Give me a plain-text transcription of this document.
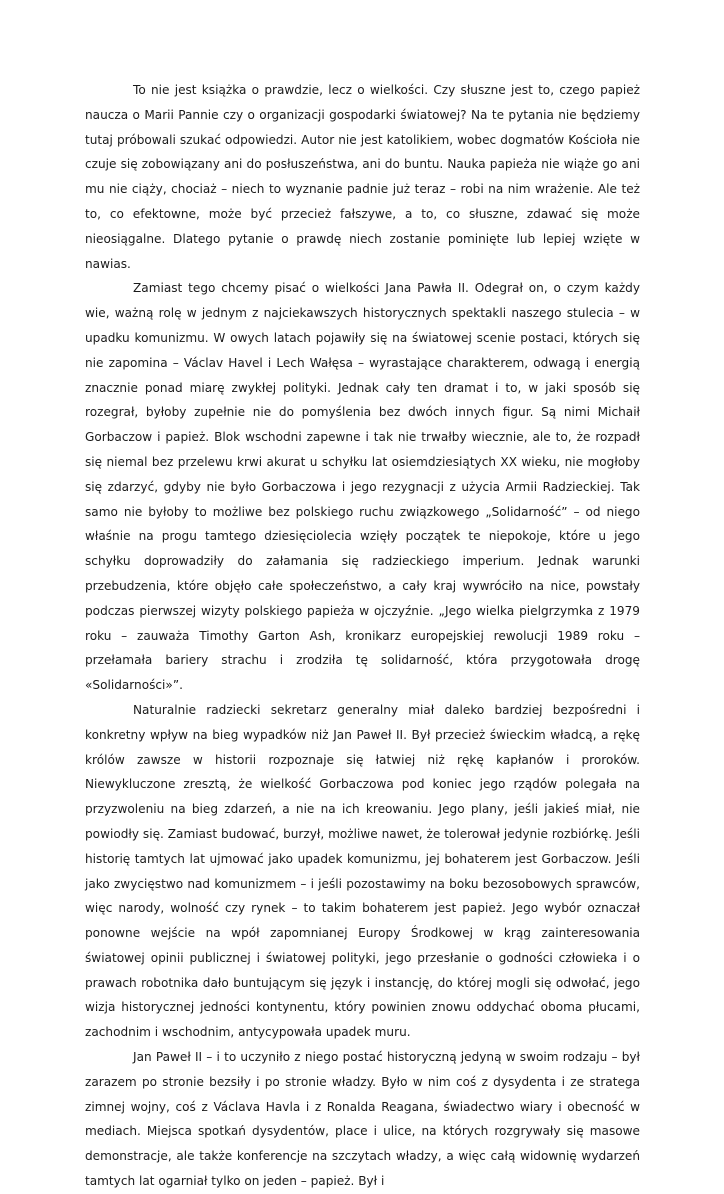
To nie jest książka o prawdzie, lecz o wielkości. Czy słuszne jest to, czego papież naucza o Marii Pannie czy o organizacji gospodarki światowej? Na te pytania nie będziemy tutaj próbowali szukać odpowiedzi. Autor nie jest katolikiem, wobec dogmatów Kościoła nie czuje się zobowiązany ani do posłuszeństwa, ani do buntu. Nauka papieża nie wiąże go ani mu nie ciąży, chociaż – niech to wyznanie padnie już teraz – robi na nim wrażenie. Ale też to, co efektowne, może być przecież fałszywe, a to, co słuszne, zdawać się może nieosiągalne. Dlatego pytanie o prawdę niech zostanie pominięte lub lepiej wzięte w nawias.

Zamiast tego chcemy pisać o wielkości Jana Pawła II. Odegrał on, o czym każdy wie, ważną rolę w jednym z najciekawszych historycznych spektakli naszego stulecia – w upadku komunizmu. W owych latach pojawiły się na światowej scenie postaci, których się nie zapomina – Václav Havel i Lech Wałęsa – wyrastające charakterem, odwagą i energią znacznie ponad miarę zwykłej polityki. Jednak cały ten dramat i to, w jaki sposób się rozegrał, byłoby zupełnie nie do pomyślenia bez dwóch innych figur. Są nimi Michaił Gorbaczow i papież. Blok wschodni zapewne i tak nie trwałby wiecznie, ale to, że rozpadł się niemal bez przelewu krwi akurat u schyłku lat osiemdziesiątych XX wieku, nie mogłoby się zdarzyć, gdyby nie było Gorbaczowa i jego rezygnacji z użycia Armii Radzieckiej. Tak samo nie byłoby to możliwe bez polskiego ruchu związkowego „Solidarność” – od niego właśnie na progu tamtego dziesięciolecia wzięły początek te niepokoje, które u jego schyłku doprowadziły do załamania się radzieckiego imperium. Jednak warunki przebudzenia, które objęło całe społeczeństwo, a cały kraj wywróciło na nice, powstały podczas pierwszej wizyty polskiego papieża w ojczyźnie. „Jego wielka pielgrzymka z 1979 roku – zauważa Timothy Garton Ash, kronikarz europejskiej rewolucji 1989 roku – przełamała bariery strachu i zrodziła tę solidarność, która przygotowała drogę «Solidarności»”.

Naturalnie radziecki sekretarz generalny miał daleko bardziej bezpośredni i konkretny wpływ na bieg wypadków niż Jan Paweł II. Był przecież świeckim władcą, a rękę królów zawsze w historii rozpoznaje się łatwiej niż rękę kapłanów i proroków. Niewykluczone zresztą, że wielkość Gorbaczowa pod koniec jego rządów polegała na przyzwoleniu na bieg zdarzeń, a nie na ich kreowaniu. Jego plany, jeśli jakieś miał, nie powiodły się. Zamiast budować, burzył, możliwe nawet, że tolerował jedynie rozbiórkę. Jeśli historię tamtych lat ujmować jako upadek komunizmu, jej bohaterem jest Gorbaczow. Jeśli jako zwycięstwo nad komunizmem – i jeśli pozostawimy na boku bezosobowych sprawców, więc narody, wolność czy rynek – to takim bohaterem jest papież. Jego wybór oznaczał ponowne wejście na wpół zapomnianej Europy Środkowej w krąg zainteresowania światowej opinii publicznej i światowej polityki, jego przesłanie o godności człowieka i o prawach robotnika dało buntującym się język i instancję, do której mogli się odwołać, jego wizja historycznej jedności kontynentu, który powinien znowu oddychać oboma płucami, zachodnim i wschodnim, antycypowała upadek muru.

Jan Paweł II – i to uczyniło z niego postać historyczną jedyną w swoim rodzaju – był zarazem po stronie bezsiły i po stronie władzy. Było w nim coś z dysydenta i ze stratega zimnej wojny, coś z Václava Havla i z Ronalda Reagana, świadectwo wiary i obecność w mediach. Miejsca spotkań dysydentów, place i ulice, na których rozgrywały się masowe demonstracje, ale także konferencje na szczytach władzy, a więc całą widownię wydarzeń tamtych lat ogarniał tylko on jeden – papież. Był i
